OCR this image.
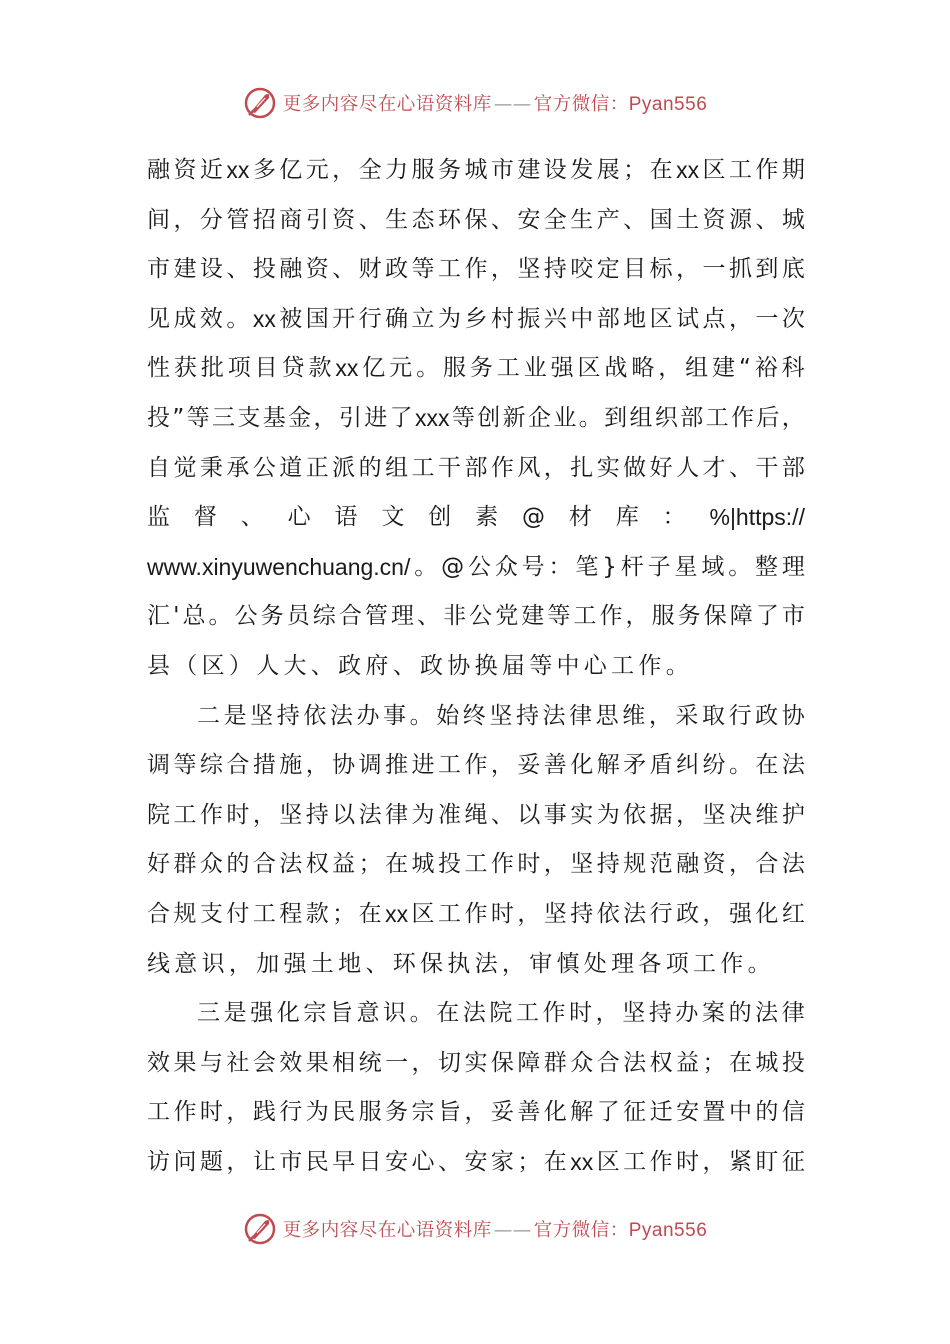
更多内容尽在心语资料库 —— 官方微信：Pyan556
融 资 近 xx 多 亿 元 ， 全 力 服 务 城 市 建 设 发 展 ； 在 xx 区 工 作 期
间 ， 分 管 招 商 引 资 、 生 态 环 保 、 安 全 生 产 、 国 土 资 源 、 城
市 建 设 、 投 融 资 、 财 政 等 工 作 ， 坚 持 咬 定 目 标 ， 一 抓 到 底
见 成 效 。 xx 被 国 开 行 确 立 为 乡 村 振 兴 中 部 地 区 试 点 ， 一 次
性 获 批 项 目 贷 款 xx 亿 元 。 服 务 工 业 强 区 战 略 ， 组 建 “ 裕 科
投 ” 等 三 支 基 金 ， 引 进 了 xxx 等 创 新 企 业 。 到 组 织 部 工 作 后 ，
自 觉 秉 承 公 道 正 派 的 组 工 干 部 作 风 ， 扎 实 做 好 人 才 、 干 部
监 督 、 心 语 文 创 素 @ 材 库 ： %|https://
www.xinyuwenchuang.cn/ 。 @ 公 众 号 ： 笔 } 杆 子 星 域 。 整 理
汇 ' 总 。 公 务 员 综 合 管 理 、 非 公 党 建 等 工 作 ， 服 务 保 障 了 市
县（区）人大、政府、政协换届等中心工作。
二 是 坚 持 依 法 办 事 。 始 终 坚 持 法 律 思 维 ， 采 取 行 政 协
调 等 综 合 措 施 ， 协 调 推 进 工 作 ， 妥 善 化 解 矛 盾 纠 纷 。 在 法
院 工 作 时 ， 坚 持 以 法 律 为 准 绳 、 以 事 实 为 依 据 ， 坚 决 维 护
好 群 众 的 合 法 权 益 ； 在 城 投 工 作 时 ， 坚 持 规 范 融 资 ， 合 法
合 规 支 付 工 程 款 ； 在 xx 区 工 作 时 ， 坚 持 依 法 行 政 ， 强 化 红
线意识，加强土地、环保执法，审慎处理各项工作。
三 是 强 化 宗 旨 意 识 。 在 法 院 工 作 时 ， 坚 持 办 案 的 法 律
效 果 与 社 会 效 果 相 统 一 ， 切 实 保 障 群 众 合 法 权 益 ； 在 城 投
工 作 时 ， 践 行 为 民 服 务 宗 旨 ， 妥 善 化 解 了 征 迁 安 置 中 的 信
访 问 题 ， 让 市 民 早 日 安 心 、 安 家 ； 在 xx 区 工 作 时 ， 紧 盯 征
更多内容尽在心语资料库 —— 官方微信：Pyan556
